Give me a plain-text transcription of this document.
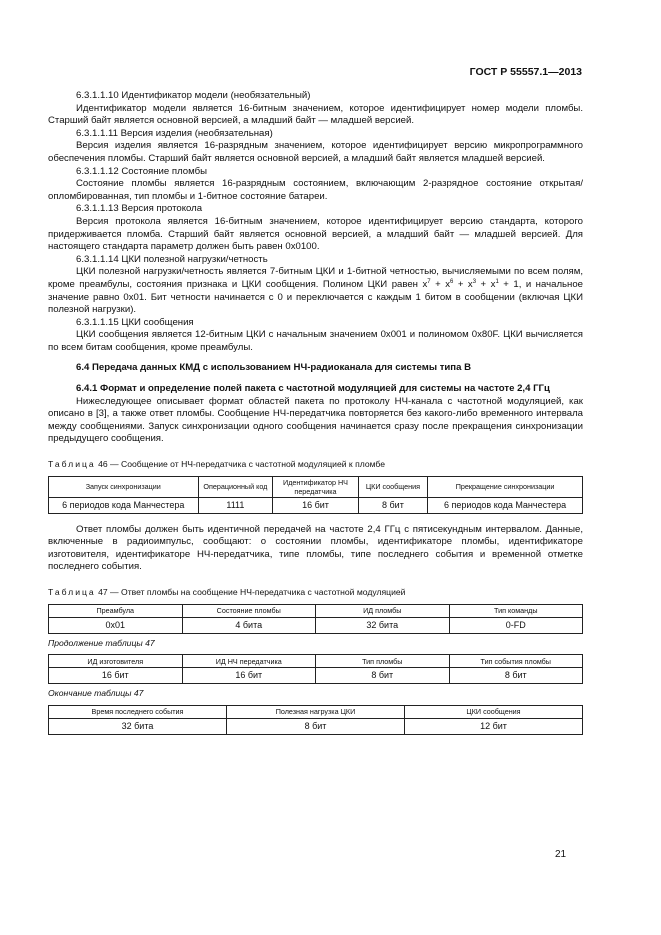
ГОСТ Р 55557.1—2013

6.3.1.1.10 Идентификатор модели (необязательный)

Идентификатор модели является 16-битным значением, которое идентифицирует номер модели пломбы. Старший байт является основной версией, а младший байт — младшей версией.

6.3.1.1.11 Версия изделия (необязательная)

Версия изделия является 16-разрядным значением, которое идентифицирует версию микропрограммного обеспечения пломбы. Старший байт является основной версией, а младший байт является младшей версией.

6.3.1.1.12 Состояние пломбы

Состояние пломбы является 16-разрядным состоянием, включающим 2-разрядное состояние открытая/опломбированная, тип пломбы и 1-битное состояние батареи.

6.3.1.1.13 Версия протокола

Версия протокола является 16-битным значением, которое идентифицирует версию стандарта, которого придерживается пломба. Старший байт является основной версией, а младший байт — младшей версией. Для настоящего стандарта параметр должен быть равен 0x0100.

6.3.1.1.14 ЦКИ полезной нагрузки/четность

ЦКИ полезной нагрузки/четность является 7-битным ЦКИ и 1-битной четностью, вычисляемыми по всем полям, кроме преамбулы, состояния признака и ЦКИ сообщения. Полином ЦКИ равен $x^7 + x^6 + x^3 + x^1 + 1$, и начальное значение равно 0x01. Бит четности начинается с 0 и переключается с каждым 1 битом в сообщении (включая ЦКИ полезной нагрузки).

6.3.1.1.15 ЦКИ сообщения

ЦКИ сообщения является 12-битным ЦКИ с начальным значением 0x001 и полиномом 0x80F. ЦКИ вычисляется по всем битам сообщения, кроме преамбулы.

6.4 Передача данных КМД с использованием НЧ-радиоканала для системы типа В

6.4.1 Формат и определение полей пакета с частотной модуляцией для системы на частоте 2,4 ГГц

Нижеследующее описывает формат областей пакета по протоколу НЧ-канала с частотной модуляцией, как описано в [3], а также ответ пломбы. Сообщение НЧ-передатчика повторяется без какого-либо временного интервала между сообщениями. Запуск синхронизации одного сообщения начинается сразу после прекращения синхронизации предыдущего сообщения.

Таблица 46 — Сообщение от НЧ-передатчика с частотной модуляцией к пломбе

Запуск синхронизации	Операционный код	Идентификатор НЧ передатчика	ЦКИ сообщения	Прекращение синхронизации
6 периодов кода Манчестера	1111	16 бит	8 бит	6 периодов кода Манчестера

Ответ пломбы должен быть идентичной передачей на частоте 2,4 ГГц с пятисекундным интервалом. Данные, включенные в радиоимпульс, сообщают: о состоянии пломбы, идентификаторе пломбы, идентификаторе изготовителя, идентификаторе НЧ-передатчика, типе пломбы, типе последнего события и временной отметке последнего события.

Таблица 47 — Ответ пломбы на сообщение НЧ-передатчика с частотной модуляцией

Преамбула	Состояние пломбы	ИД пломбы	Тип команды
0x01	4 бита	32 бита	0-FD

Продолжение таблицы 47

ИД изготовителя	ИД НЧ передатчика	Тип пломбы	Тип события пломбы
16 бит	16 бит	8 бит	8 бит

Окончание таблицы 47

Время последнего события	Полезная нагрузка ЦКИ	ЦКИ сообщения
32 бита	8 бит	12 бит
21
